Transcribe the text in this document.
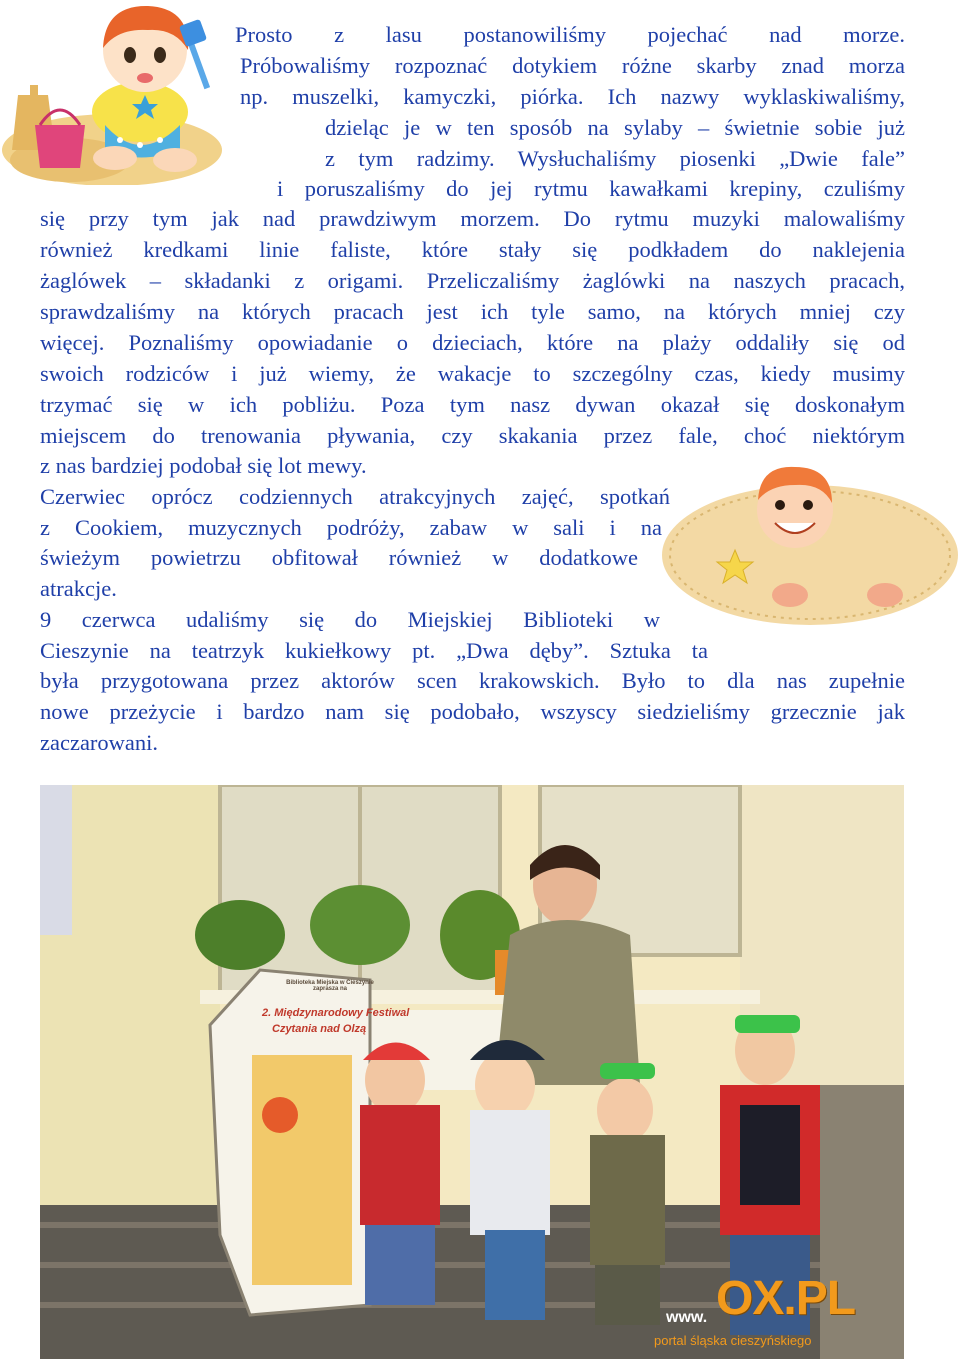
Prosto z lasu postanowiliśmy pojechać nad morze.
Próbowaliśmy rozpoznać dotykiem różne skarby znad morza
np. muszelki, kamyczki, piórka. Ich nazwy wyklaskiwaliśmy,
dzieląc je w ten sposób na sylaby – świetnie sobie już
z tym radzimy. Wysłuchaliśmy piosenki „Dwie fale”
i poruszaliśmy do jej rytmu kawałkami krepiny, czuliśmy
się przy tym jak nad prawdziwym morzem. Do rytmu muzyki malowaliśmy
również kredkami linie faliste, które stały się podkładem do naklejenia
żaglówek – składanki z origami. Przeliczaliśmy żaglówki na naszych pracach,
sprawdzaliśmy na których pracach jest ich tyle samo, na których mniej czy
więcej. Poznaliśmy opowiadanie o dzieciach, które na plaży oddaliły się od
swoich rodziców i już wiemy, że wakacje to szczególny czas, kiedy musimy
trzymać się w ich pobliżu. Poza tym nasz dywan okazał się doskonałym
miejscem do trenowania pływania, czy skakania przez fale, choć niektórym
z nas bardziej podobał się lot mewy.
Czerwiec oprócz codziennych atrakcyjnych zajęć, spotkań
z Cookiem, muzycznych podróży, zabaw w sali i na
świeżym powietrzu obfitował również w dodatkowe
atrakcje.
9 czerwca udaliśmy się do Miejskiej Biblioteki w
Cieszynie na teatrzyk kukiełkowy pt. „Dwa dęby”. Sztuka ta
była przygotowana przez aktorów scen krakowskich. Było to dla nas zupełnie
nowe przeżycie i bardzo nam się podobało, wszyscy siedzieliśmy grzecznie jak
zaczarowani.
Biblioteka Miejska w Cieszynie zaprasza na
2. Międzynarodowy Festiwal
Czytania nad Olzą
www. OX.PL
portal śląska cieszyńskiego
